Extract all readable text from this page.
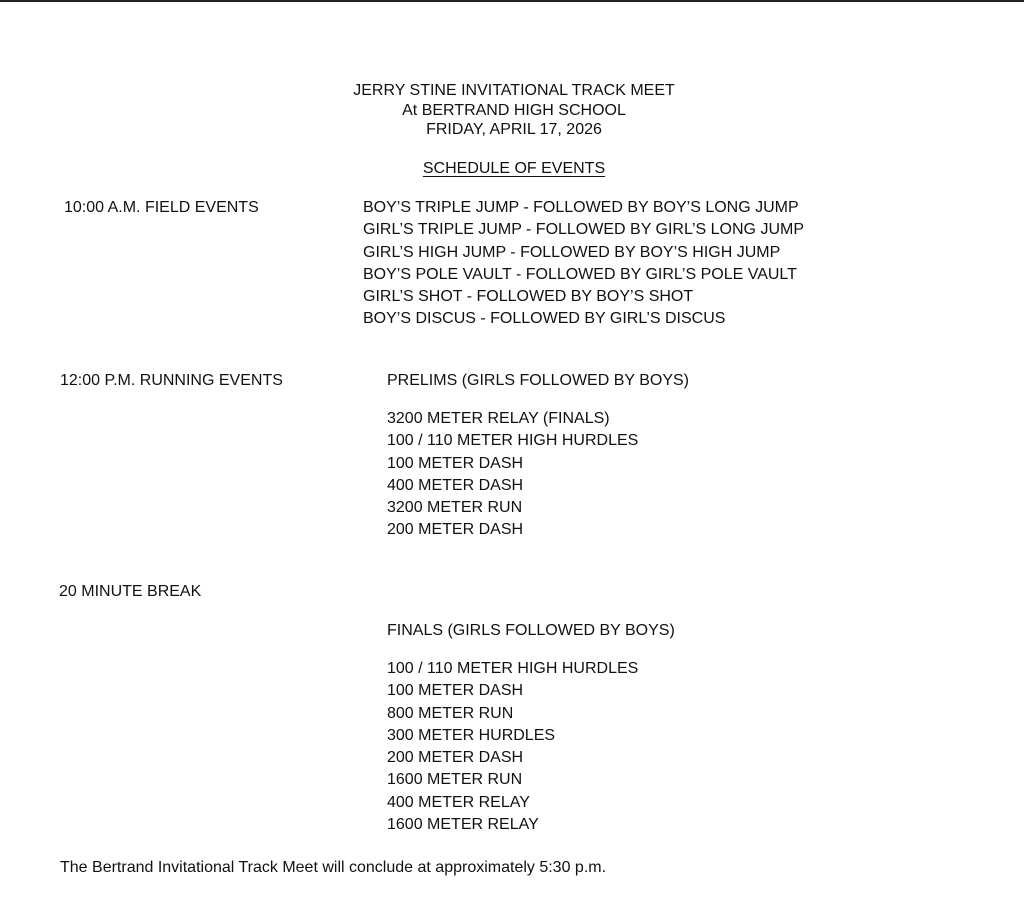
JERRY STINE INVITATIONAL TRACK MEET
At BERTRAND HIGH SCHOOL
FRIDAY, APRIL 17, 2026
SCHEDULE OF EVENTS
10:00 A.M. FIELD EVENTS	BOY’S TRIPLE JUMP - FOLLOWED BY BOY’S LONG JUMP
GIRL’S TRIPLE JUMP - FOLLOWED BY GIRL’S LONG JUMP
GIRL’S HIGH JUMP - FOLLOWED BY BOY’S HIGH JUMP
BOY’S POLE VAULT - FOLLOWED BY GIRL’S POLE VAULT
GIRL’S SHOT - FOLLOWED BY BOY’S SHOT
BOY’S DISCUS - FOLLOWED BY GIRL’S DISCUS
12:00 P.M. RUNNING EVENTS	PRELIMS (GIRLS FOLLOWED BY BOYS)
3200 METER RELAY (FINALS)
100 / 110 METER HIGH HURDLES
100 METER DASH
400 METER DASH
3200 METER RUN
200 METER DASH
20 MINUTE BREAK
FINALS (GIRLS FOLLOWED BY BOYS)
100 / 110 METER HIGH HURDLES
100 METER DASH
800 METER RUN
300 METER HURDLES
200 METER DASH
1600 METER RUN
400 METER RELAY
1600 METER RELAY
The Bertrand Invitational Track Meet will conclude at approximately 5:30 p.m.
